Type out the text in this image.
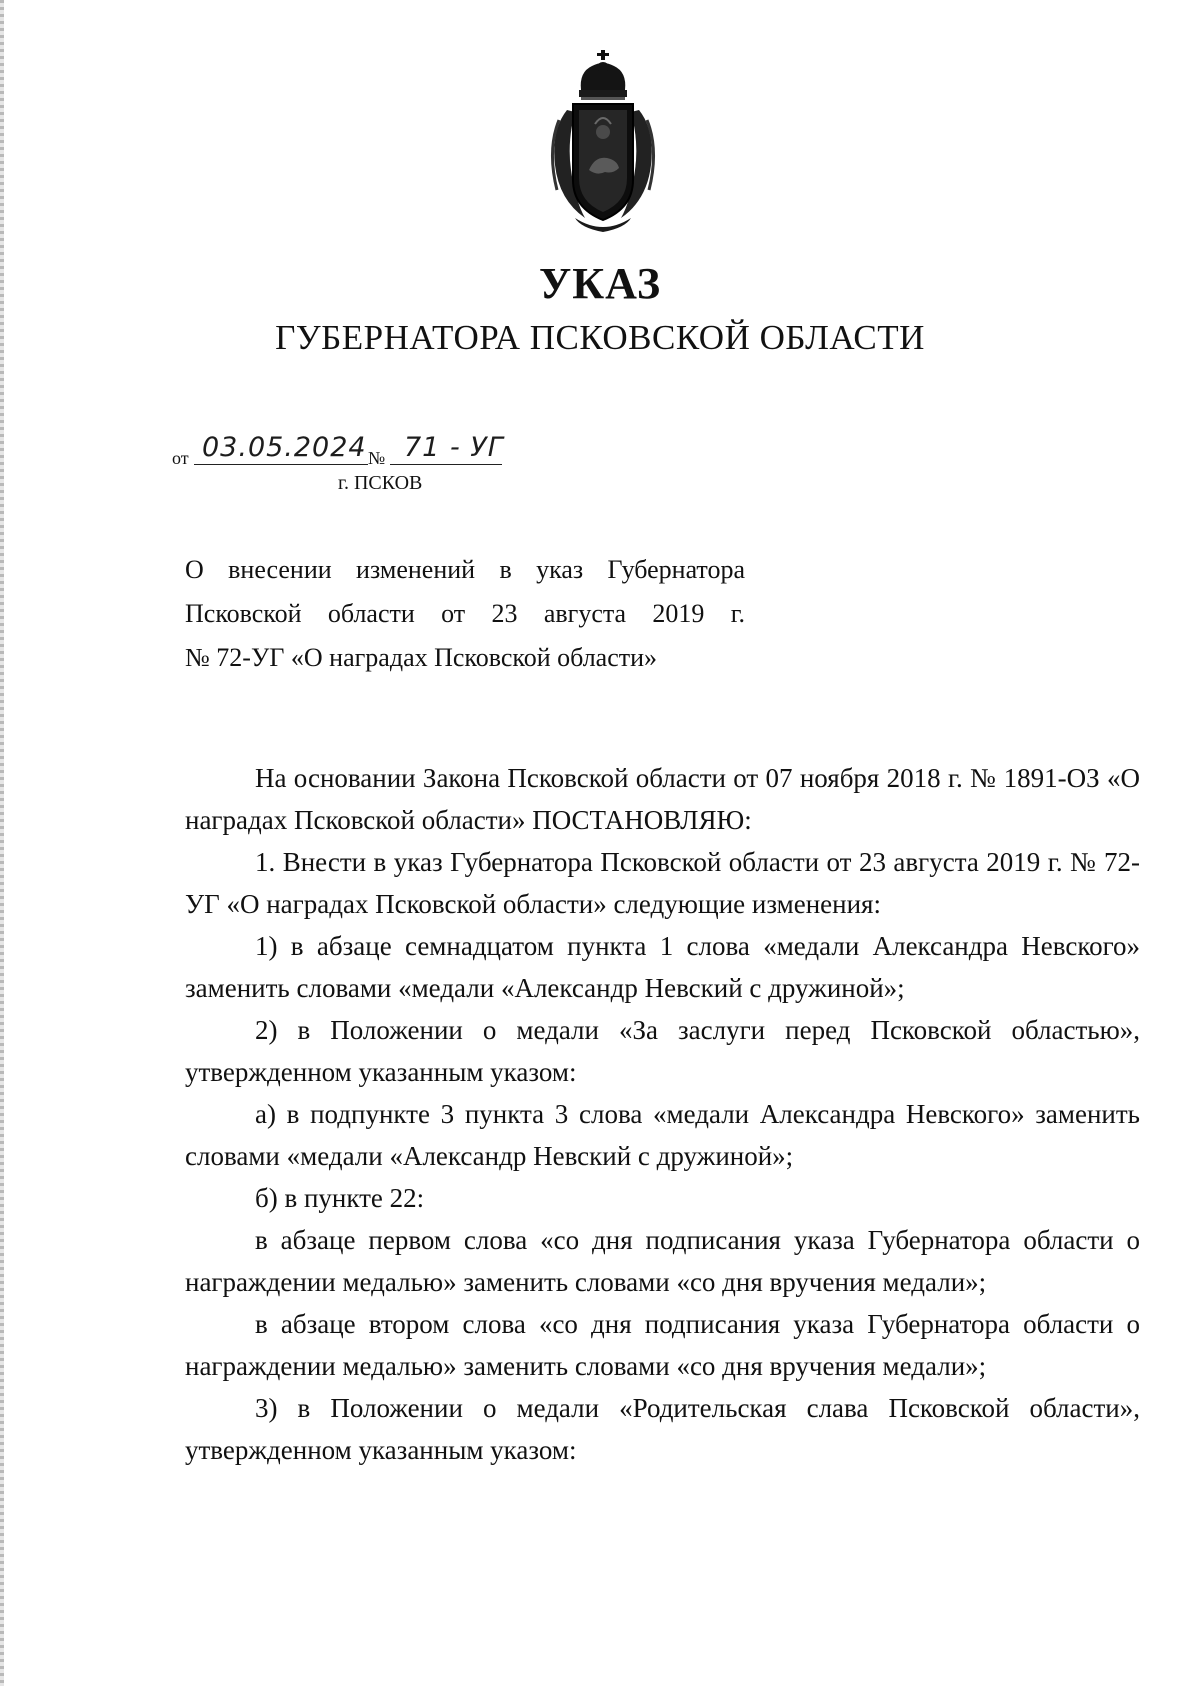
УКАЗ
ГУБЕРНАТОРА ПСКОВСКОЙ ОБЛАСТИ
от 03.05.2024 № 71 - УГ
г. ПСКОВ
О внесении изменений в указ Губернатора
Псковской области от 23 августа 2019 г.
№ 72-УГ «О наградах Псковской области»

На основании Закона Псковской области от 07 ноября 2018 г. № 1891-ОЗ «О наградах Псковской области» ПОСТАНОВЛЯЮ:

1. Внести в указ Губернатора Псковской области от 23 августа 2019 г. № 72-УГ «О наградах Псковской области» следующие изменения:

1) в абзаце семнадцатом пункта 1 слова «медали Александра Невского» заменить словами «медали «Александр Невский с дружиной»;

2) в Положении о медали «За заслуги перед Псковской областью», утвержденном указанным указом:

а) в подпункте 3 пункта 3 слова «медали Александра Невского» заменить словами «медали «Александр Невский с дружиной»;

б) в пункте 22:

в абзаце первом слова «со дня подписания указа Губернатора области о награждении медалью» заменить словами «со дня вручения медали»;

в абзаце втором слова «со дня подписания указа Губернатора области о награждении медалью» заменить словами «со дня вручения медали»;

3) в Положении о медали «Родительская слава Псковской области», утвержденном указанным указом:
